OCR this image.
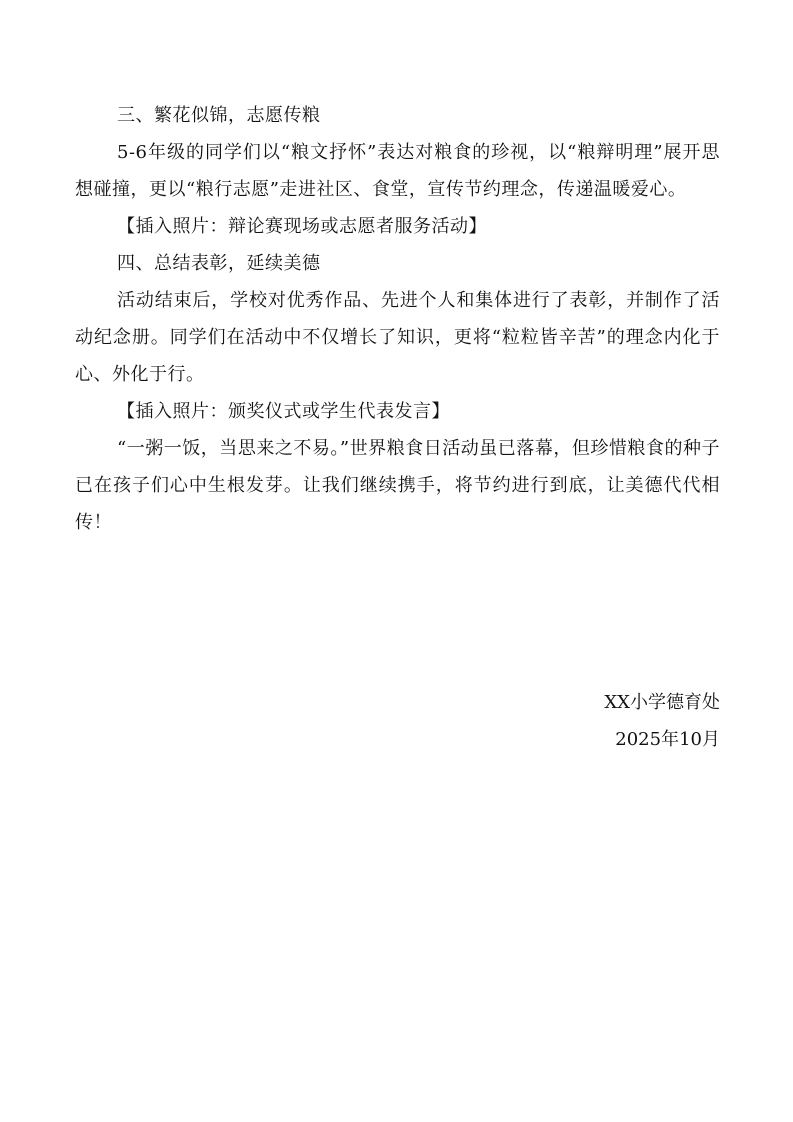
三、繁花似锦，志愿传粮

5-6年级的同学们以“粮文抒怀”表达对粮食的珍视，以“粮辩明理”展开思想碰撞，更以“粮行志愿”走进社区、食堂，宣传节约理念，传递温暖爱心。

【插入照片：辩论赛现场或志愿者服务活动】

四、总结表彰，延续美德

活动结束后，学校对优秀作品、先进个人和集体进行了表彰，并制作了活动纪念册。同学们在活动中不仅增长了知识，更将“粒粒皆辛苦”的理念内化于心、外化于行。

【插入照片：颁奖仪式或学生代表发言】

“一粥一饭，当思来之不易。”世界粮食日活动虽已落幕，但珍惜粮食的种子已在孩子们心中生根发芽。让我们继续携手，将节约进行到底，让美德代代相传！

XX小学德育处

2025年10月
